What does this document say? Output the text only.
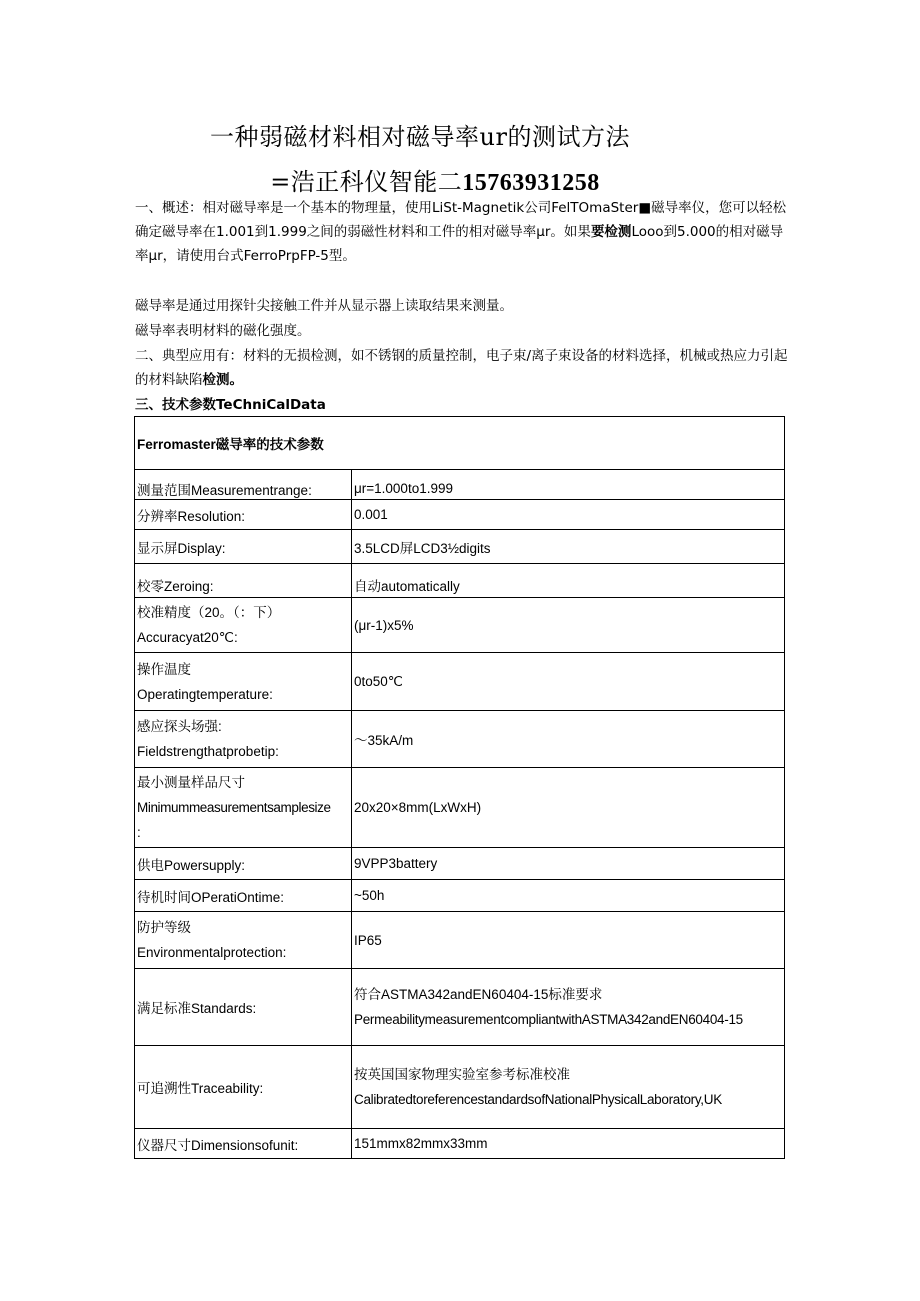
一种弱磁材料相对磁导率ur的测试方法
=浩正科仪智能二15763931258
一、概述：相对磁导率是一个基本的物理量，使用LiSt-Magnetik公司FelTOmaSter■磁导率仪，您可以轻松确定磁导率在1.001到1.999之间的弱磁性材料和工件的相对磁导率μr。如果要检测Looo到5.000的相对磁导率μr，请使用台式FerroPrpFP-5型。
磁导率是通过用探针尖接触工件并从显示器上读取结果来测量。
磁导率表明材料的磁化强度。
二、典型应用有：材料的无损检测，如不锈钢的质量控制，电子束/离子束设备的材料选择，机械或热应力引起的材料缺陷检测。
三、技术参数TeChniCalData
Ferromaster磁导率的技术参数	
测量范围Measurementrange:	μr=1.000to1.999
分辨率Resolution:	0.001
显示屏Display:	3.5LCD屏LCD3½digits
校零Zeroing:	自动automatically

校准精度（20。（：下）
Accuracyat20℃:	(μr-1)x5%

操作温度
Operatingtemperature:	0to50℃

感应探头场强:
Fieldstrengthatprobetip:	～35kA/m

最小测量样品尺寸
Minimummeasurementsamplesize
:	20x20×8mm(LxWxH)
供电Powersupply:	9VPP3battery
待机时间OPeratiOntime:	~50h

防护等级
Environmentalprotection:	IP65
满足标准Standards:	符合ASTMA342andEN60404-15标准要求
PermeabilitymeasurementcompliantwithASTMA342andEN60404-15

可追溯性Traceability:	按英国国家物理实验室参考标准校准
CalibratedtoreferencestandardsofNationalPhysicalLaboratory,UK

仪器尺寸Dimensionsofunit:	151mmx82mmx33mm
